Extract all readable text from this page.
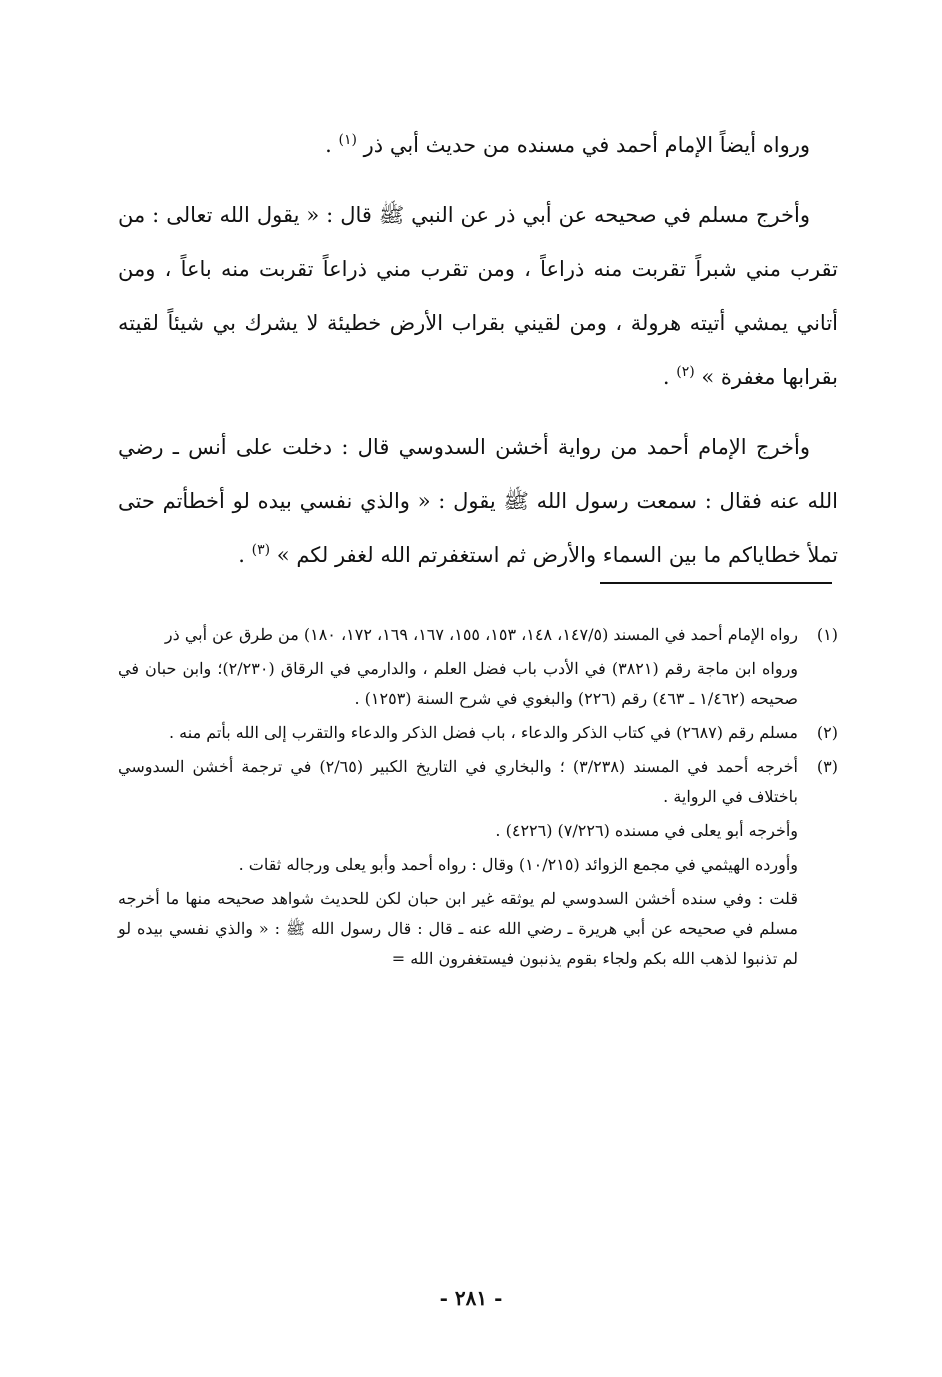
ورواه أيضاً الإمام أحمد في مسنده من حديث أبي ذر $^{(١)}$ .

وأخرج مسلم في صحيحه عن أبي ذر عن النبي ﷺ قال : « يقول الله تعالى : من تقرب مني شبراً تقربت منه ذراعاً ، ومن تقرب مني ذراعاً تقربت منه باعاً ، ومن أتاني يمشي أتيته هرولة ، ومن لقيني بقراب الأرض خطيئة لا يشرك بي شيئاً لقيته بقرابها مغفرة » $^{(٢)}$ .

وأخرج الإمام أحمد من رواية أخشن السدوسي قال : دخلت على أنس ـ رضي الله عنه فقال : سمعت رسول الله ﷺ يقول : « والذي نفسي بيده لو أخطأتم حتى تملأ خطاياكم ما بين السماء والأرض ثم استغفرتم الله لغفر لكم » $^{(٣)}$ .

(١)

رواه الإمام أحمد في المسند (١٤٧/٥، ١٤٨، ١٥٣، ١٥٥، ١٦٧، ١٦٩، ١٧٢، ١٨٠) من طرق عن أبي ذر

ورواه ابن ماجة رقم (٣٨٢١) في الأدب باب فضل العلم ، والدارمي في الرقاق (٢/٢٣٠)؛ وابن حبان في صحيحه (١/٤٦٢ ـ ٤٦٣) رقم (٢٢٦) والبغوي في شرح السنة (١٢٥٣) .

(٢)

مسلم رقم (٢٦٨٧) في كتاب الذكر والدعاء ، باب فضل الذكر والدعاء والتقرب إلى الله بأتم منه .

(٣)

أخرجه أحمد في المسند (٣/٢٣٨) ؛ والبخاري في التاريخ الكبير (٢/٦٥) في ترجمة أخشن السدوسي باختلاف في الرواية .

وأخرجه أبو يعلى في مسنده (٧/٢٢٦) (٤٢٢٦) .

وأورده الهيثمي في مجمع الزوائد (١٠/٢١٥) وقال : رواه أحمد وأبو يعلى ورجاله ثقات .

قلت : وفي سنده أخشن السدوسي لم يوثقه غير ابن حبان لكن للحديث شواهد صحيحه منها ما أخرجه مسلم في صحيحه عن أبي هريرة ـ رضي الله عنه ـ قال : قال رسول الله ﷺ : « والذي نفسي بيده لو لم تذنبوا لذهب الله بكم ولجاء بقوم يذنبون فيستغفرون الله =

- ٢٨١ -
